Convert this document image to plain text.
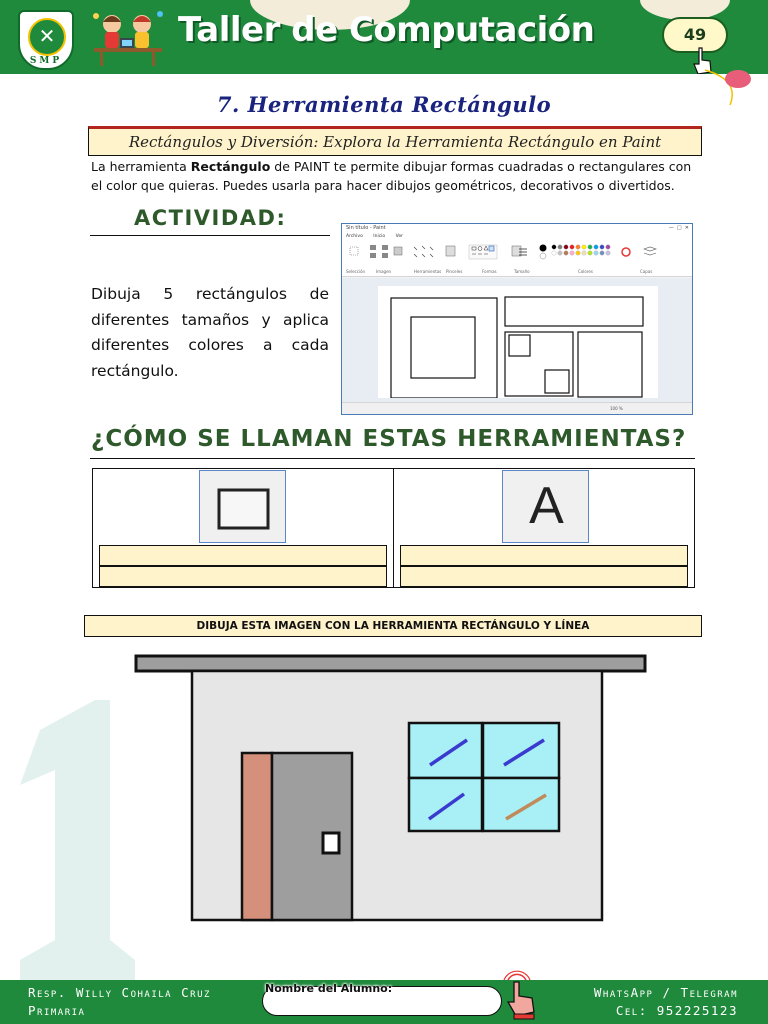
✕
SMP
Taller de Computación	49
7. Herramienta Rectángulo
Rectángulos y Diversión: Explora la Herramienta Rectángulo en Paint

La herramienta Rectángulo de PAINT te permite dibujar formas cuadradas o rectangulares con el color que quieras. Puedes usarla para hacer dibujos geométricos, decorativos o divertidos.

ACTIVIDAD:

Dibuja 5 rectángulos de diferentes tamaños y aplica diferentes colores a cada rectángulo.

Sin título - Paint	—  □  ✕
Archivo Inicio Ver
Selección	Imagen	Herramientas Pinceles	Formas	Tamaño	Colores	Capas
100 %
¿CÓMO SE LLAMAN ESTAS HERRAMIENTAS?
A
DIBUJA ESTA IMAGEN CON LA HERRAMIENTA RECTÁNGULO Y LÍNEA
Resp. Willy Cohaila Cruz
Primaria
WhatsApp / Telegram
Cel: 952225123
Nombre del Alumno:
